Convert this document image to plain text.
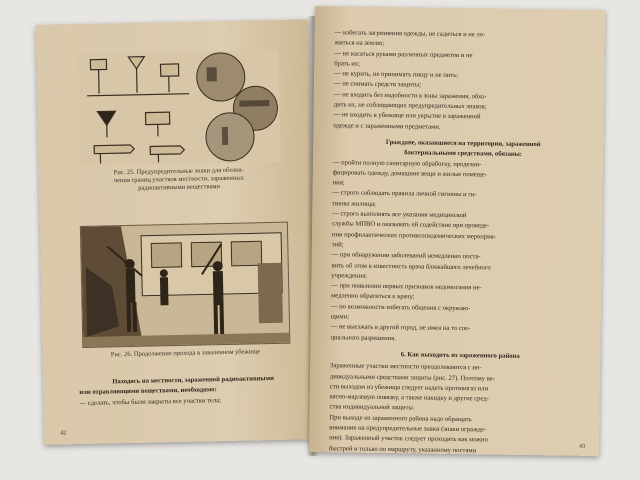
Рис. 25. Предупредительные знаки для обозна-
чения границ участков местности, зараженных
радиоактивными веществами
Рис. 26. Продолжение прохода в заваленном убежище
Находясь на местности, зараженной радиоактивными
или отравляющими веществами, необходимо:
— сделать, чтобы были закрыты все участки тела;
42
— избегать загрязнения одежды, не садиться и не ло-
житься на землю;
— не касаться руками различных предметов и не
брать их;
— не курить, не принимать пищу и не пить;
— не снимать средств защиты;
— не входить без надобности в зоны заражения, обхо-
дить их, не соблюдающих предупредительных знаков;
— не входить в убежище или укрытие в зараженной
одежде и с зараженными предметами.
Граждане, оказавшиеся на территории, зараженной
бактериальными средствами, обязаны:
— пройти полную санитарную обработку, продезин-
фицировать одежду, домашние вещи и жилые помеще-
ния;
— строго соблюдать правила личной гигиены и ги-
гиены жилища;
— строго выполнять все указания медицинской
службы МПВО и оказывать ей содействие при проведе-
нии профилактических противоэпидемических мероприя-
тий;
— при обнаружении заболеваний немедленно поста-
вить об этом в известность врача ближайшего лечебного
учреждения;
— при появлении первых признаков недомогания не-
медленно обратиться к врачу;
— по возможности избегать общения с окружаю-
щими;
— не выезжать в другой город, не имея на то спе-
циального разрешения.
6. Как выходить из зараженного района
Зараженные участки местности преодолеваются с ин-
дивидуальными средствами защиты (рис. 27). Поэтому ве-
сти выходом из убежища следует надеть противогаз или
ватно-марлевую повязку, а также накидку и другие сред-
ства индивидуальной защиты.
При выходе из зараженного района надо обращать
внимание на предупредительные знаки (знаки огражде-
ния). Зараженный участок следует проходить как можно
быстрей и только по маршруту, указанному постами	43
